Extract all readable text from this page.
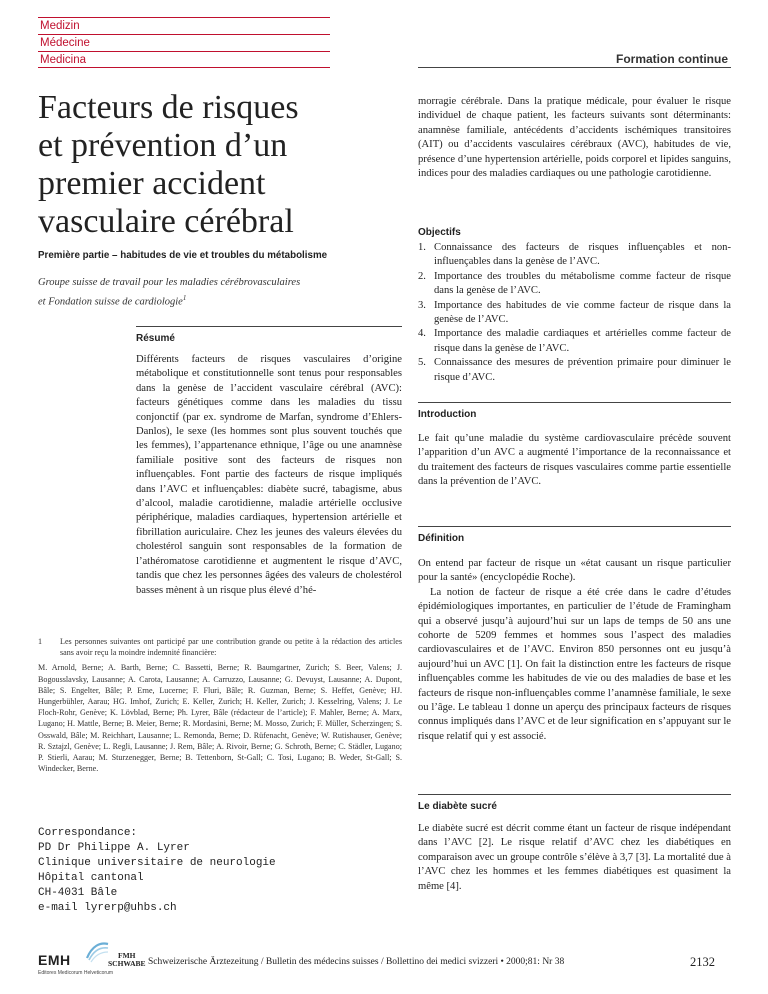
Medizin
Médecine
Medicina	Formation continue
Facteurs de risques et prévention d’un premier accident vasculaire cérébral
Première partie – habitudes de vie et troubles du métabolisme
Groupe suisse de travail pour les maladies cérébrovasculaires
et Fondation suisse de cardiologie$^1$
Résumé
Différents facteurs de risques vasculaires d’origine métabolique et constitutionnelle sont tenus pour responsables dans la genèse de l’accident vasculaire cérébral (AVC): facteurs génétiques comme dans les maladies du tissu conjonctif (par ex. syndrome de Marfan, syndrome d’Ehlers-Danlos), le sexe (les hommes sont plus souvent touchés que les femmes), l’appartenance ethnique, l’âge ou une anamnèse familiale positive sont des facteurs de risques non influençables. Font partie des facteurs de risque impliqués dans l’AVC et influençables: diabète sucré, tabagisme, abus d’alcool, maladie carotidienne, maladie artérielle occlusive périphérique, maladies cardiaques, hypertension artérielle et fibrillation auriculaire. Chez les jeunes des valeurs élevées du cholestérol sanguin sont responsables de la formation de l’athéromatose carotidienne et augmentent le risque d’AVC, tandis que chez les personnes âgées des valeurs de cholestérol basses mènent à un risque plus élevé d’hé-
1 Les personnes suivantes ont participé par une contribution grande ou petite à la rédaction des articles sans avoir reçu la moindre indemnité financière:
M. Arnold, Berne; A. Barth, Berne; C. Bassetti, Berne; R. Baumgartner, Zurich; S. Beer, Valens; J. Bogousslavsky, Lausanne; A. Carota, Lausanne; A. Carruzzo, Lausanne; G. Devuyst, Lausanne; A. Dupont, Bâle; S. Engelter, Bâle; P. Erne, Lucerne; F. Fluri, Bâle; R. Guzman, Berne; S. Heffet, Genève; HJ. Hungerbühler, Aarau; HG. Imhof, Zurich; E. Keller, Zurich; H. Keller, Zurich; J. Kesselring, Valens; J. Le Floch-Rohr, Genève; K. Lövblad, Berne; Ph. Lyrer, Bâle (rédacteur de l’article); F. Mahler, Berne; A. Marx, Lugano; H. Mattle, Berne; B. Meier, Berne; R. Mordasini, Berne; M. Mosso, Zurich; F. Müller, Scherzingen; S. Osswald, Bâle; M. Reichhart, Lausanne; L. Remonda, Berne; D. Rüfenacht, Genève; W. Rutishauser, Genève; R. Sztajzl, Genève; L. Regli, Lausanne; J. Rem, Bâle; A. Rivoir, Berne; G. Schroth, Berne; C. Städler, Lugano; P. Stierli, Aarau; M. Sturzenegger, Berne; B. Tettenborn, St-Gall; C. Tosi, Lugano; B. Weder, St-Gall; S. Windecker, Berne.
Correspondance:
PD Dr Philippe A. Lyrer
Clinique universitaire de neurologie
Hôpital cantonal
CH-4031 Bâle
e-mail lyrerp@uhbs.ch
morragie cérébrale. Dans la pratique médicale, pour évaluer le risque individuel de chaque patient, les facteurs suivants sont déterminants: anamnèse familiale, antécédents d’accidents ischémiques transitoires (AIT) ou d’accidents vasculaires cérébraux (AVC), habitudes de vie, présence d’une hypertension artérielle, poids corporel et lipides sanguins, indices pour des maladies cardiaques ou une pathologie carotidienne.
Objectifs
1. Connaissance des facteurs de risques influençables et non-influençables dans la genèse de l’AVC.
2. Importance des troubles du métabolisme comme facteur de risque dans la genèse de l’AVC.
3. Importance des habitudes de vie comme facteur de risque dans la genèse de l’AVC.
4. Importance des maladie cardiaques et artérielles comme facteur de risque dans la genèse de l’AVC.
5. Connaissance des mesures de prévention primaire pour diminuer le risque d’AVC.
Introduction
Le fait qu’une maladie du système cardiovasculaire précède souvent l’apparition d’un AVC a augmenté l’importance de la reconnaissance et du traitement des facteurs de risques vasculaires comme partie essentielle dans la prévention de l’AVC.
Définition

On entend par facteur de risque un «état causant un risque particulier pour la santé» (encyclopédie Roche).

La notion de facteur de risque a été crée dans le cadre d’études épidémiologiques importantes, en particulier de l’étude de Framingham qui a observé jusqu’à aujourd’hui sur un laps de temps de 50 ans une cohorte de 5209 femmes et hommes sous l’aspect des maladies cardiovasculaires et de l’AVC. Environ 850 personnes ont eu jusqu’à aujourd’hui un AVC [1]. On fait la distinction entre les facteurs de risque influençables comme les habitudes de vie ou des maladies de base et les facteurs de risque non-influençables comme l’anamnèse familiale, le sexe ou l’âge. Le tableau 1 donne un aperçu des principaux facteurs de risques connus impliqués dans l’AVC et de leur signification en s’appuyant sur le risque relatif qui y est associé.

Le diabète sucré
Le diabète sucré est décrit comme étant un facteur de risque indépendant dans l’AVC [2]. Le risque relatif d’AVC chez les diabétiques en comparaison avec un groupe contrôle s’élève à 3,7 [3]. La mortalité due à l’AVC chez les hommes et les femmes diabétiques est quasiment la même [4].
EMH
Editores Medicorum Helveticorum
FMH
SCHWABE Schweizerische Ärztezeitung / Bulletin des médecins suisses / Bollettino dei medici svizzeri • 2000;81: Nr 38	2132
